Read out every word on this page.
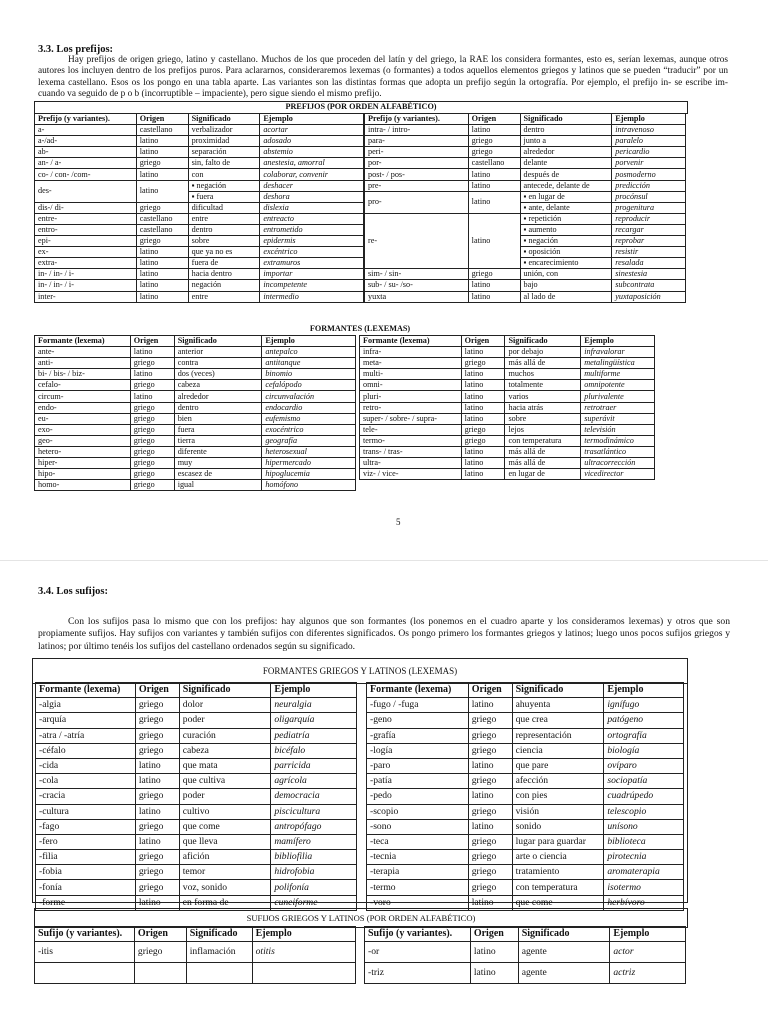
3.3. Los prefijos:

Hay prefijos de origen griego, latino y castellano. Muchos de los que proceden del latín y del griego, la RAE los considera formantes, esto es, serían lexemas, aunque otros autores los incluyen dentro de los prefijos puros. Para aclararnos, consideraremos lexemas (o formantes) a todos aquellos elementos griegos y latinos que se pueden “traducir” por un lexema castellano. Esos os los pongo en una tabla aparte. Las variantes son las distintas formas que adopta un prefijo según la ortografía. Por ejemplo, el prefijo in- se escribe im- cuando va seguido de p o b (incorruptible – impaciente), pero sigue siendo el mismo prefijo.

PREFIJOS (POR ORDEN ALFABÉTICO)
Prefijo (y variantes).	Origen	Significado	Ejemplo
a-	castellano	verbalizador	acortar
a-/ad-	latino	proximidad	adosado
ab-	latino	separación	abstemio
an- / a-	griego	sin, falto de	anestesia, amorral
co- / con- /com-	latino	con	colaborar, convenir
des-	latino	▪ negación	deshacer
		▪ fuera	deshora
dis-/ di-	griego	dificultad	dislexia
entre-	castellano	entre	entreacto
entro-	castellano	dentro	entrometido
epi-	griego	sobre	epidermis
ex-	latino	que ya no es	excéntrico
extra-	latino	fuera de	extramuros
in- / in- / i-	latino	hacia dentro	importar
in- / in- / i-	latino	negación	incompetente
inter-	latino	entre	intermedio
Prefijo (y variantes).	Origen	Significado	Ejemplo
intra- / intro-	latino	dentro	intravenoso
para-	griego	junto a	paralelo
peri-	griego	alrededor	pericardio
por-	castellano	delante	porvenir
post- / pos-	latino	después de	posmoderno
pre-	latino	antecede, delante de	predicción
pro-	latino	▪ en lugar de	procónsul
		▪ ante, delante	progenitura
re-	latino	▪ repetición	reproducir
		▪ aumento	recargar
		▪ negación	reprobar
		▪ oposición	resistir
		▪ encarecimiento	resalada
sim- / sin-	griego	unión, con	sinestesia
sub- / su- /so-	latino	bajo	subcontrata
yuxta	latino	al lado de	yuxtaposición
FORMANTES (LEXEMAS)
Formante (lexema)	Origen	Significado	Ejemplo
ante-	latino	anterior	antepalco
anti-	griego	contra	antitanque
bi- / bis- / biz-	latino	dos (veces)	binomio
cefalo-	griego	cabeza	cefalópodo
circum-	latino	alrededor	circunvalación
endo-	griego	dentro	endocardio
eu-	griego	bien	eufemismo
exo-	griego	fuera	exocéntrico
geo-	griego	tierra	geografía
hetero-	griego	diferente	heterosexual
hiper-	griego	muy	hipermercado
hipo-	griego	escasez de	hipoglucemia
homo-	griego	igual	homófono
Formante (lexema)	Origen	Significado	Ejemplo
infra-	latino	por debajo	infravalorar
meta-	griego	más allá de	metalingüística
multi-	latino	muchos	multiforme
omni-	latino	totalmente	omnipotente
pluri-	latino	varios	plurivalente
retro-	latino	hacia atrás	retrotraer
super- / sobre- / supra-	latino	sobre	superávit
tele-	griego	lejos	televisión
termo-	griego	con temperatura	termodinámico
trans- / tras-	latino	más allá de	trasatlántico
ultra-	latino	más allá de	ultracorrección
viz- / vice-	latino	en lugar de	vicedirector
5
3.4. Los sufijos:

Con los sufijos pasa lo mismo que con los prefijos: hay algunos que son formantes (los ponemos en el cuadro aparte y los consideramos lexemas) y otros que son propiamente sufijos. Hay sufijos con variantes y también sufijos con diferentes significados. Os pongo primero los formantes griegos y latinos; luego unos pocos sufijos griegos y latinos; por último tenéis los sufijos del castellano ordenados según su significado.

FORMANTES GRIEGOS Y LATINOS (LEXEMAS)
Formante (lexema)	Origen	Significado	Ejemplo
-algia	griego	dolor	neuralgia
-arquía	griego	poder	oligarquía
-atra / -atría	griego	curación	pediatría
-céfalo	griego	cabeza	bicéfalo
-cida	latino	que mata	parricida
-cola	latino	que cultiva	agrícola
-cracia	griego	poder	democracia
-cultura	latino	cultivo	piscicultura
-fago	griego	que come	antropófago
-fero	latino	que lleva	mamífero
-filia	griego	afición	bibliofilia
-fobia	griego	temor	hidrofobia
-fonía	griego	voz, sonido	polifonía
-forme	latino	en forma de	cuneiforme
Formante (lexema)	Origen	Significado	Ejemplo
-fugo / -fuga	latino	ahuyenta	ignífugo
-geno	griego	que crea	patógeno
-grafía	griego	representación	ortografía
-logía	griego	ciencia	biología
-paro	latino	que pare	ovíparo
-patía	griego	afección	sociopatía
-pedo	latino	con pies	cuadrúpedo
-scopio	griego	visión	telescopio
-sono	latino	sonido	unísono
-teca	griego	lugar para guardar	biblioteca
-tecnia	griego	arte o ciencia	pirotecnia
-terapia	griego	tratamiento	aromaterapia
-termo	griego	con temperatura	isotermo
-voro	latino	que come	herbívoro
SUFIJOS GRIEGOS Y LATINOS (POR ORDEN ALFABÉTICO)
Sufijo (y variantes).	Origen	Significado	Ejemplo
-itis	griego	inflamación	otitis

Sufijo (y variantes).	Origen	Significado	Ejemplo
-or	latino	agente	actor
-triz	latino	agente	actriz
